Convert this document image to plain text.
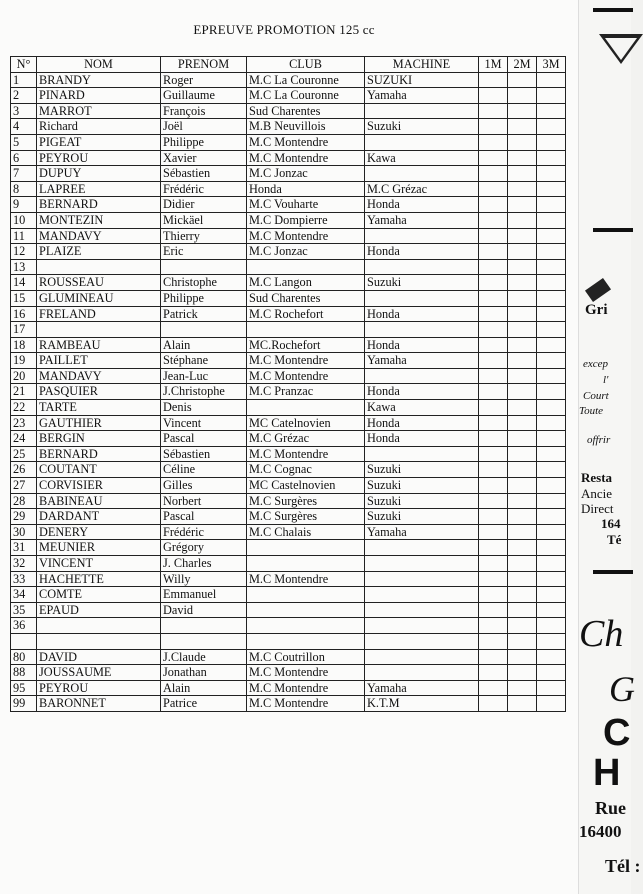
EPREUVE PROMOTION 125 cc
N°	NOM	PRENOM	CLUB	MACHINE	1M	2M	3M
1	BRANDY	Roger	M.C La Couronne	SUZUKI			
2	PINARD	Guillaume	M.C La Couronne	Yamaha			
3	MARROT	François	Sud Charentes				
4	Richard	Joël	M.B Neuvillois	Suzuki			
5	PIGEAT	Philippe	M.C Montendre				
6	PEYROU	Xavier	M.C Montendre	Kawa			
7	DUPUY	Sébastien	M.C Jonzac				
8	LAPREE	Frédéric	Honda	M.C Grézac			
9	BERNARD	Didier	M.C Vouharte	Honda			
10	MONTEZIN	Mickäel	M.C Dompierre	Yamaha			
11	MANDAVY	Thierry	M.C Montendre				
12	PLAIZE	Eric	M.C Jonzac	Honda			
13							
14	ROUSSEAU	Christophe	M.C Langon	Suzuki			
15	GLUMINEAU	Philippe	Sud Charentes				
16	FRELAND	Patrick	M.C Rochefort	Honda			
17							
18	RAMBEAU	Alain	MC.Rochefort	Honda			
19	PAILLET	Stéphane	M.C Montendre	Yamaha			
20	MANDAVY	Jean-Luc	M.C Montendre				
21	PASQUIER	J.Christophe	M.C Pranzac	Honda			
22	TARTE	Denis		Kawa			
23	GAUTHIER	Vincent	MC Catelnovien	Honda			
24	BERGIN	Pascal	M.C Grézac	Honda			
25	BERNARD	Sébastien	M.C Montendre				
26	COUTANT	Céline	M.C Cognac	Suzuki			
27	CORVISIER	Gilles	MC Castelnovien	Suzuki			
28	BABINEAU	Norbert	M.C Surgères	Suzuki			
29	DARDANT	Pascal	M.C Surgères	Suzuki			
30	DENERY	Frédéric	M.C Chalais	Yamaha			
31	MEUNIER	Grégory					
32	VINCENT	J. Charles					
33	HACHETTE	Willy	M.C Montendre				
34	COMTE	Emmanuel					
35	EPAUD	David					
36							

80	DAVID	J.Claude	M.C Coutrillon				
88	JOUSSAUME	Jonathan	M.C Montendre				
95	PEYROU	Alain	M.C Montendre	Yamaha			
99	BARONNET	Patrice	M.C Montendre	K.T.M			
Gri
excep
l'
Court
Toute
offrir
Resta
Ancie
Direct
164
Té
Ch
G
C
H
Rue
16400
Tél :
